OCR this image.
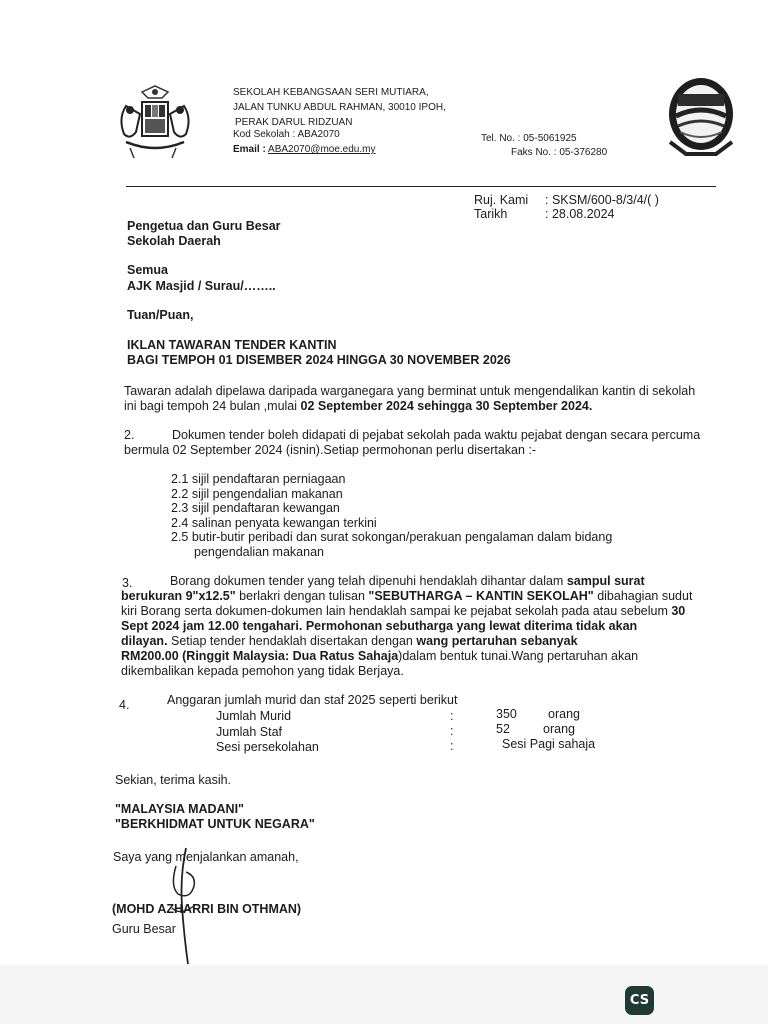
SEKOLAH KEBANGSAAN SERI MUTIARA,
JALAN TUNKU ABDUL RAHMAN, 30010 IPOH,
PERAK DARUL RIDZUAN
Kod Sekolah : ABA2070
Email : ABA2070@moe.edu.my
Tel. No. : 05-5061925
Faks No. : 05-376280
Ruj. Kami : SKSM/600-8/3/4/( )
Tarikh	: 28.08.2024
Pengetua dan Guru Besar
Sekolah Daerah
Semua
AJK Masjid / Surau/……..
Tuan/Puan,
IKLAN TAWARAN TENDER KANTIN
BAGI TEMPOH 01 DISEMBER 2024 HINGGA 30 NOVEMBER 2026
Tawaran adalah dipelawa daripada warganegara yang berminat untuk mengendalikan kantin di sekolah
ini bagi tempoh 24 bulan ,mulai 02 September 2024 sehingga 30 September 2024.
2.	Dokumen tender boleh didapati di pejabat sekolah pada waktu pejabat dengan secara percuma
bermula 02 September 2024 (isnin).Setiap permohonan perlu disertakan :-
2.1 sijil pendaftaran perniagaan
2.2 sijil pengendalian makanan
2.3 sijil pendaftaran kewangan
2.4 salinan penyata kewangan terkini
2.5 butir-butir peribadi dan surat sokongan/perakuan pengalaman dalam bidang
pengendalian makanan
3.	Borang dokumen tender yang telah dipenuhi hendaklah dihantar dalam sampul surat
berukuran 9"x12.5" berlakri dengan tulisan "SEBUTHARGA – KANTIN SEKOLAH" dibahagian sudut
kiri Borang serta dokumen-dokumen lain hendaklah sampai ke pejabat sekolah pada atau sebelum 30
Sept 2024 jam 12.00 tengahari. Permohonan sebutharga yang lewat diterima tidak akan
dilayan. Setiap tender hendaklah disertakan dengan wang pertaruhan sebanyak
RM200.00 (Ringgit Malaysia: Dua Ratus Sahaja)dalam bentuk tunai.Wang pertaruhan akan
dikembalikan kepada pemohon yang tidak Berjaya.
4.	Anggaran jumlah murid dan staf 2025 seperti berikut
Jumlah Murid	:	350 orang
Jumlah Staf	:	52	orang
Sesi persekolahan	:	Sesi Pagi sahaja
Sekian, terima kasih.
"MALAYSIA MADANI"
"BERKHIDMAT UNTUK NEGARA"
Saya yang menjalankan amanah,
(MOHD AZHARRI BIN OTHMAN)
Guru Besar
CS
